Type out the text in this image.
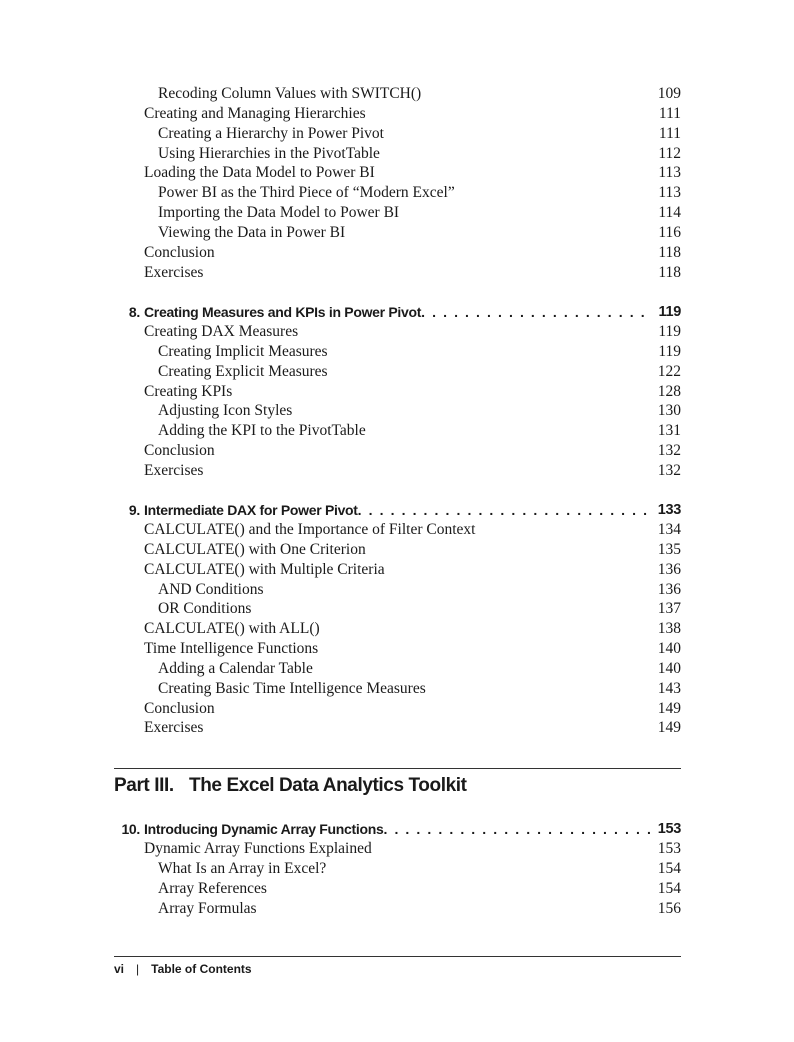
Recoding Column Values with SWITCH()	109
Creating and Managing Hierarchies	111
Creating a Hierarchy in Power Pivot	111
Using Hierarchies in the PivotTable	112
Loading the Data Model to Power BI	113
Power BI as the Third Piece of “Modern Excel”	113
Importing the Data Model to Power BI	114
Viewing the Data in Power BI	116
Conclusion	118
Exercises	118
8. Creating Measures and KPIs in Power Pivot . . .	119
Creating DAX Measures	119
Creating Implicit Measures	119
Creating Explicit Measures	122
Creating KPIs	128
Adjusting Icon Styles	130
Adding the KPI to the PivotTable	131
Conclusion	132
Exercises	132
9. Intermediate DAX for Power Pivot . . .	133
CALCULATE() and the Importance of Filter Context	134
CALCULATE() with One Criterion	135
CALCULATE() with Multiple Criteria	136
AND Conditions	136
OR Conditions	137
CALCULATE() with ALL()	138
Time Intelligence Functions	140
Adding a Calendar Table	140
Creating Basic Time Intelligence Measures	143
Conclusion	149
Exercises	149
Part III. The Excel Data Analytics Toolkit
10. Introducing Dynamic Array Functions . . .	153
Dynamic Array Functions Explained	153
What Is an Array in Excel?	154
Array References	154
Array Formulas	156
vi | Table of Contents
